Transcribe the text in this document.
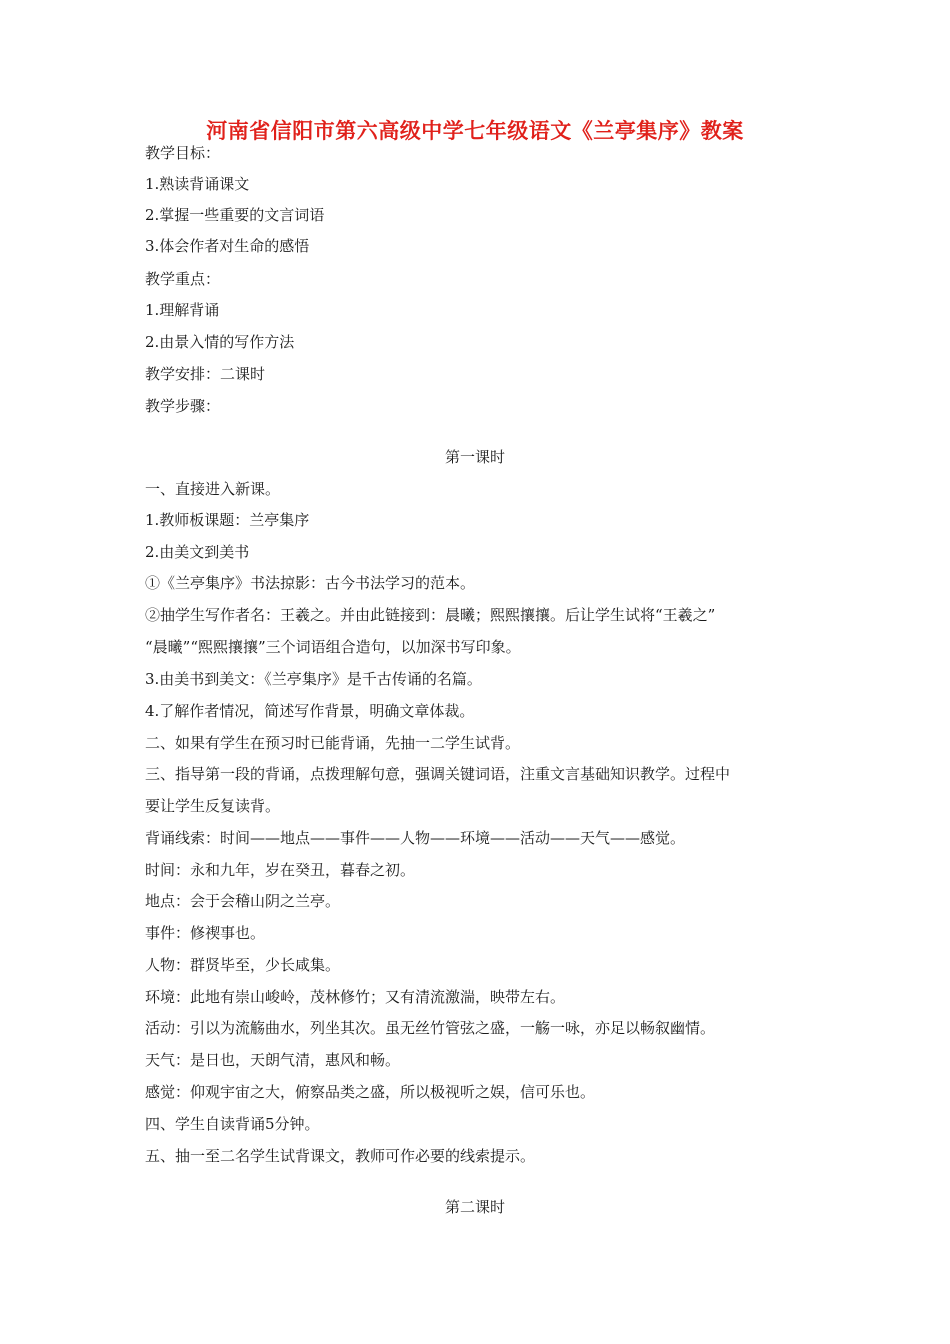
河南省信阳市第六高级中学七年级语文《兰亭集序》教案
教学目标：
1.熟读背诵课文
2.掌握一些重要的文言词语
3.体会作者对生命的感悟
教学重点：
1.理解背诵
2.由景入情的写作方法
教学安排：二课时
教学步骤：
第一课时
一、直接进入新课。
1.教师板课题：兰亭集序
2.由美文到美书
①《兰亭集序》书法掠影：古今书法学习的范本。
②抽学生写作者名：王羲之。并由此链接到：晨曦；熙熙攘攘。后让学生试将“王羲之”
“晨曦”“熙熙攘攘”三个词语组合造句，以加深书写印象。
3.由美书到美文：《兰亭集序》是千古传诵的名篇。
4.了解作者情况，简述写作背景，明确文章体裁。
二、如果有学生在预习时已能背诵，先抽一二学生试背。
三、指导第一段的背诵，点拨理解句意，强调关键词语，注重文言基础知识教学。过程中
要让学生反复读背。
背诵线索：时间——地点——事件——人物——环境——活动——天气——感觉。
时间：永和九年，岁在癸丑，暮春之初。
地点：会于会稽山阴之兰亭。
事件：修禊事也。
人物：群贤毕至，少长咸集。
环境：此地有崇山峻岭，茂林修竹；又有清流激湍，映带左右。
活动：引以为流觞曲水，列坐其次。虽无丝竹管弦之盛，一觞一咏，亦足以畅叙幽情。
天气：是日也，天朗气清，惠风和畅。
感觉：仰观宇宙之大，俯察品类之盛，所以极视听之娱，信可乐也。
四、学生自读背诵5分钟。
五、抽一至二名学生试背课文，教师可作必要的线索提示。
第二课时
